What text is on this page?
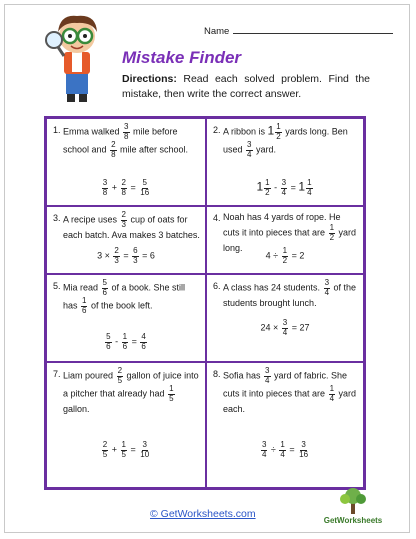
Name
Mistake Finder
Directions: Read each solved problem. Find the mistake, then write the correct answer.
1. Emma walked $\frac{3}{8}$ mile before school and $\frac{2}{8}$ mile after school.
$\frac{3}{8} + \frac{2}{8} = \frac{5}{16}$
2. A ribbon is $1 \frac{1}{2}$ yards long. Ben used $\frac{3}{4}$ yard.
$1 \frac{1}{2} - \frac{3}{4} = 1 \frac{1}{4}$
3. A recipe uses $\frac{2}{3}$ cup of oats for each batch. Ava makes 3 batches.
$3 \times \frac{2}{3} = \frac{6}{3} = 6$
4. Noah has 4 yards of rope. He cuts it into pieces that are $\frac{1}{2}$ yard long.
$4 \div \frac{1}{2} = 2$
5. Mia read $\frac{5}{6}$ of a book. She still has $\frac{1}{6}$ of the book left.
$\frac{5}{6} - \frac{1}{6} = \frac{4}{6}$
6. A class has 24 students. $\frac{3}{4}$ of the students brought lunch.
$24 \times \frac{3}{4} = 27$
7. Liam poured $\frac{2}{5}$ gallon of juice into a pitcher that already had $\frac{1}{5}$
gallon.
$\frac{2}{5} + \frac{1}{5} = \frac{3}{10}$
8. Sofia has $\frac{3}{4}$ yard of fabric. She cuts it into pieces that are $\frac{1}{4}$ yard each.
$\frac{3}{4} \div \frac{1}{4} = \frac{3}{16}$
© GetWorksheets.com
GetWorksheets
